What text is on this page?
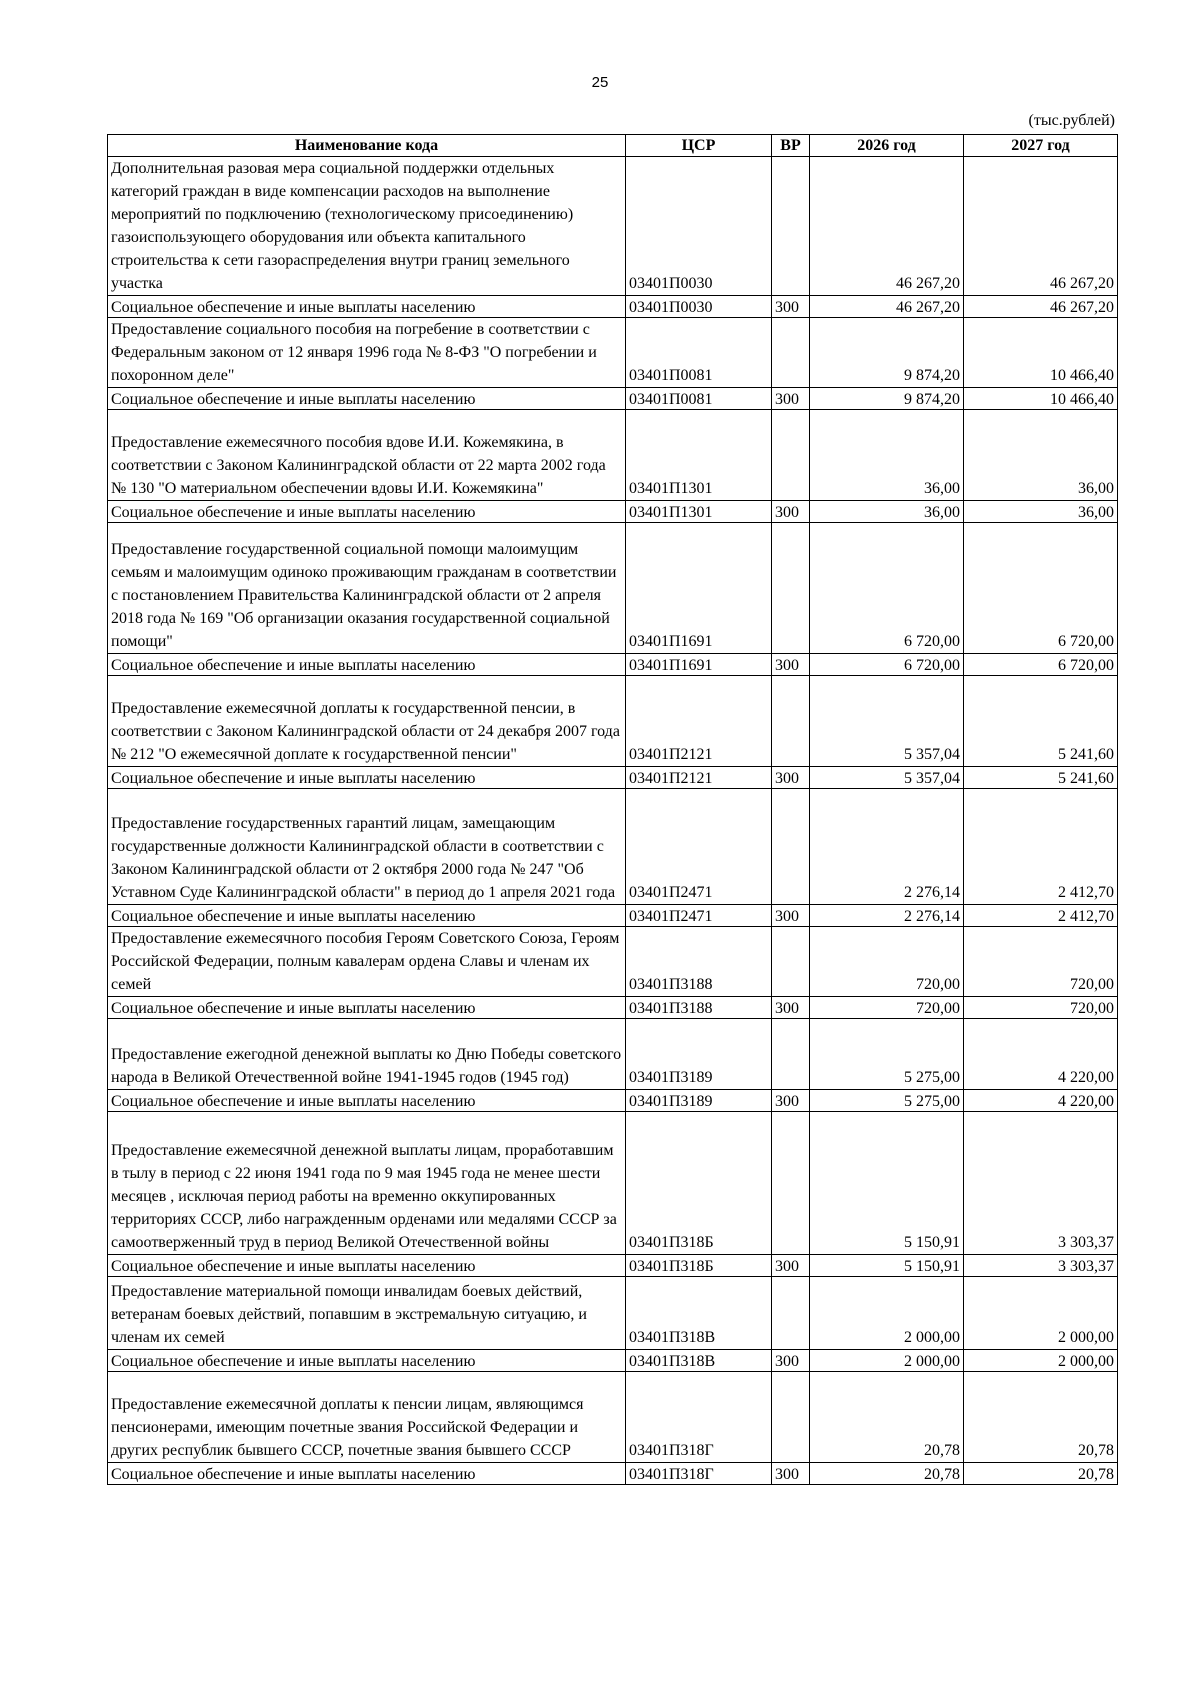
25
(тыс.рублей)
Наименование кода	ЦСР	ВР	2026 год	2027 год
Дополнительная разовая мера социальной поддержки отдельных категорий граждан в виде компенсации расходов на выполнение мероприятий по подключению (технологическому присоединению) газоиспользующего оборудования или объекта капитального строительства к сети газораспределения внутри границ земельного участка	03401П0030		46 267,20	46 267,20
Социальное обеспечение и иные выплаты населению	03401П0030	300	46 267,20	46 267,20
Предоставление социального пособия на погребение в соответствии с Федеральным законом от 12 января 1996 года № 8-ФЗ "О погребении и похоронном деле"	03401П0081		9 874,20	10 466,40
Социальное обеспечение и иные выплаты населению	03401П0081	300	9 874,20	10 466,40
Предоставление ежемесячного пособия вдове И.И. Кожемякина, в соответствии с Законом Калининградской области от 22 марта 2002 года № 130 "О материальном обеспечении вдовы И.И. Кожемякина"	03401П1301		36,00	36,00
Социальное обеспечение и иные выплаты населению	03401П1301	300	36,00	36,00
Предоставление государственной социальной помощи малоимущим семьям и малоимущим одиноко проживающим гражданам в соответствии с постановлением Правительства Калининградской области от 2 апреля 2018 года № 169 "Об организации оказания государственной социальной помощи"	03401П1691		6 720,00	6 720,00
Социальное обеспечение и иные выплаты населению	03401П1691	300	6 720,00	6 720,00
Предоставление ежемесячной доплаты к государственной пенсии, в соответствии с Законом Калининградской области от 24 декабря 2007 года № 212 "О ежемесячной доплате к государственной пенсии"	03401П2121		5 357,04	5 241,60
Социальное обеспечение и иные выплаты населению	03401П2121	300	5 357,04	5 241,60
Предоставление государственных гарантий лицам, замещающим государственные должности Калининградской области в соответствии с Законом Калининградской области от 2 октября 2000 года № 247 "Об Уставном Суде Калининградской области" в период до 1 апреля 2021 года	03401П2471		2 276,14	2 412,70
Социальное обеспечение и иные выплаты населению	03401П2471	300	2 276,14	2 412,70
Предоставление ежемесячного пособия Героям Советского Союза, Героям Российской Федерации, полным кавалерам ордена Славы и членам их семей	03401П3188		720,00	720,00
Социальное обеспечение и иные выплаты населению	03401П3188	300	720,00	720,00
Предоставление ежегодной денежной выплаты ко Дню Победы советского народа в Великой Отечественной войне 1941-1945 годов (1945 год)	03401П3189		5 275,00	4 220,00
Социальное обеспечение и иные выплаты населению	03401П3189	300	5 275,00	4 220,00
Предоставление ежемесячной денежной выплаты лицам, проработавшим в тылу в период с 22 июня 1941 года по 9 мая 1945 года не менее шести месяцев , исключая период работы на временно оккупированных территориях СССР, либо награжденным орденами или медалями СССР за самоотверженный труд в период Великой Отечественной войны	03401П318Б		5 150,91	3 303,37
Социальное обеспечение и иные выплаты населению	03401П318Б	300	5 150,91	3 303,37
Предоставление материальной помощи инвалидам боевых действий, ветеранам боевых действий, попавшим в экстремальную ситуацию, и членам их семей	03401П318В		2 000,00	2 000,00
Социальное обеспечение и иные выплаты населению	03401П318В	300	2 000,00	2 000,00
Предоставление ежемесячной доплаты к пенсии лицам, являющимся пенсионерами, имеющим почетные звания Российской Федерации и других республик бывшего СССР, почетные звания бывшего СССР	03401П318Г		20,78	20,78
Социальное обеспечение и иные выплаты населению	03401П318Г	300	20,78	20,78
